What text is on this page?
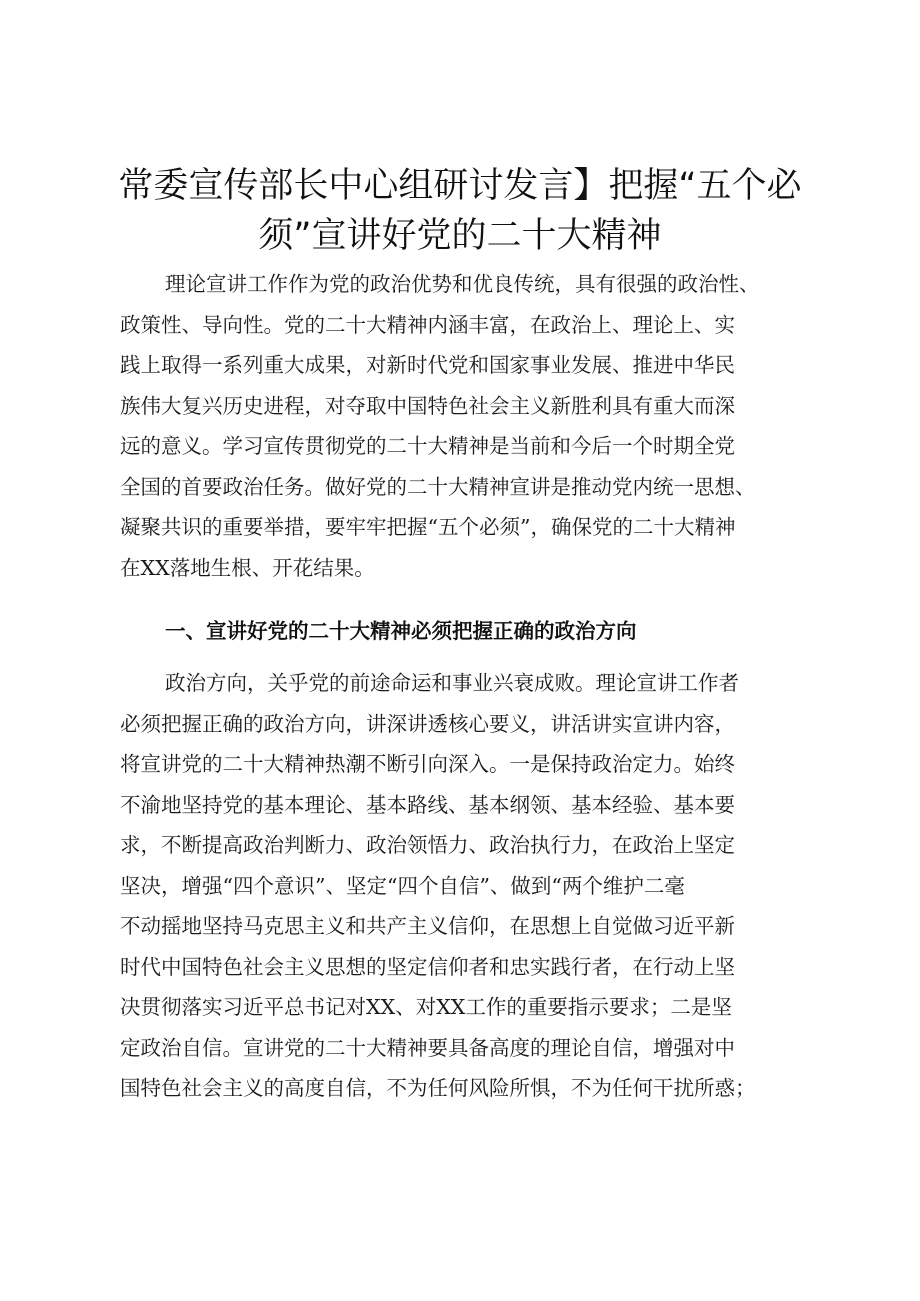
常委宣传部长中心组研讨发言】把握“五个必
须”宣讲好党的二十大精神
理论宣讲工作作为党的政治优势和优良传统，具有很强的政治性、
政策性、导向性。党的二十大精神内涵丰富，在政治上、理论上、实
践上取得一系列重大成果，对新时代党和国家事业发展、推进中华民
族伟大复兴历史进程，对夺取中国特色社会主义新胜利具有重大而深
远的意义。学习宣传贯彻党的二十大精神是当前和今后一个时期全党
全国的首要政治任务。做好党的二十大精神宣讲是推动党内统一思想、
凝聚共识的重要举措，要牢牢把握“五个必须”，确保党的二十大精神
在XX落地生根、开花结果。
一、宣讲好党的二十大精神必须把握正确的政治方向
政治方向，关乎党的前途命运和事业兴衰成败。理论宣讲工作者
必须把握正确的政治方向，讲深讲透核心要义，讲活讲实宣讲内容，
将宣讲党的二十大精神热潮不断引向深入。一是保持政治定力。始终
不渝地坚持党的基本理论、基本路线、基本纲领、基本经验、基本要
求，不断提高政治判断力、政治领悟力、政治执行力，在政治上坚定
坚决，增强“四个意识”、坚定“四个自信”、做到“两个维护二毫
不动摇地坚持马克思主义和共产主义信仰，在思想上自觉做习近平新
时代中国特色社会主义思想的坚定信仰者和忠实践行者，在行动上坚
决贯彻落实习近平总书记对XX、对XX工作的重要指示要求；二是坚
定政治自信。宣讲党的二十大精神要具备高度的理论自信，增强对中
国特色社会主义的高度自信，不为任何风险所惧，不为任何干扰所惑；
